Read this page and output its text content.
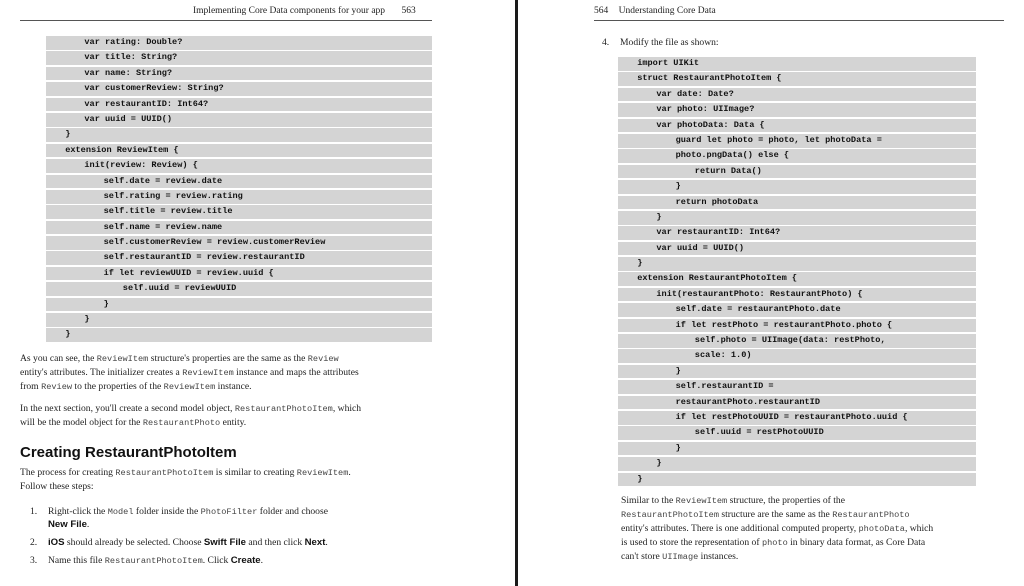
Implementing Core Data components for your app 563
var rating: Double?
var title: String?
var name: String?
var customerReview: String?
var restaurantID: Int64?
var uuid = UUID()
}
extension ReviewItem {
init(review: Review) {
self.date = review.date
self.rating = review.rating
self.title = review.title
self.name = review.name
self.customerReview = review.customerReview
self.restaurantID = review.restaurantID
if let reviewUUID = review.uuid {
self.uuid = reviewUUID
}
}
}
As you can see, the ReviewItem structure's properties are the same as the Review
entity's attributes. The initializer creates a ReviewItem instance and maps the attributes
from Review to the properties of the ReviewItem instance.
In the next section, you'll create a second model object, RestaurantPhotoItem, which
will be the model object for the RestaurantPhoto entity.
Creating RestaurantPhotoItem
The process for creating RestaurantPhotoItem is similar to creating ReviewItem.
Follow these steps:
1. Right-click the Model folder inside the PhotoFilter folder and choose
New File.
2. iOS should already be selected. Choose Swift File and then click Next.
3. Name this file RestaurantPhotoItem. Click Create.
564 Understanding Core Data
4. Modify the file as shown:
import UIKit
struct RestaurantPhotoItem {
var date: Date?
var photo: UIImage?
var photoData: Data {
guard let photo = photo, let photoData =
photo.pngData() else {
return Data()
}
return photoData
}
var restaurantID: Int64?
var uuid = UUID()
}
extension RestaurantPhotoItem {
init(restaurantPhoto: RestaurantPhoto) {
self.date = restaurantPhoto.date
if let restPhoto = restaurantPhoto.photo {
self.photo = UIImage(data: restPhoto,
scale: 1.0)
}
self.restaurantID =
restaurantPhoto.restaurantID
if let restPhotoUUID = restaurantPhoto.uuid {
self.uuid = restPhotoUUID
}
}
}
Similar to the ReviewItem structure, the properties of the
RestaurantPhotoItem structure are the same as the RestaurantPhoto
entity's attributes. There is one additional computed property, photoData, which
is used to store the representation of photo in binary data format, as Core Data
can't store UIImage instances.
